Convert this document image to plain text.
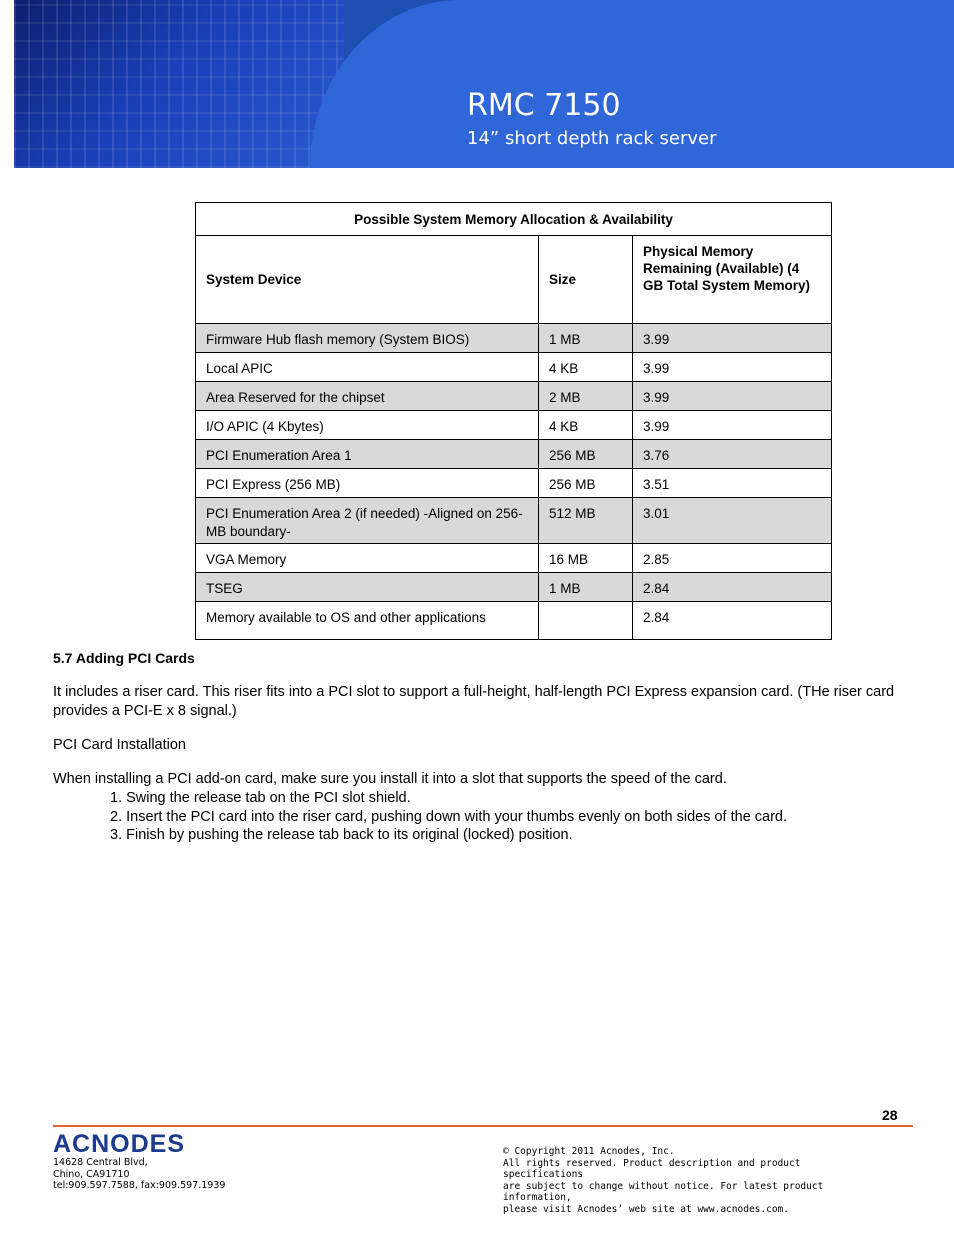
RMC 7150
14” short depth rack server
Possible System Memory Allocation & Availability		
System Device	Size	Physical Memory Remaining (Available) (4 GB Total System Memory)
Firmware Hub flash memory (System BIOS)	1 MB	3.99
Local APIC	4 KB	3.99
Area Reserved for the chipset	2 MB	3.99
I/O APIC (4 Kbytes)	4 KB	3.99
PCI Enumeration Area 1	256 MB	3.76
PCI Express (256 MB)	256 MB	3.51
PCI Enumeration Area 2 (if needed) -Aligned on 256-MB boundary-	512 MB	3.01
VGA Memory	16 MB	2.85
TSEG	1 MB	2.84
Memory available to OS and other applications		2.84
5.7 Adding PCI Cards

It includes a riser card. This riser fits into a PCI slot to support a full-height, half-length PCI Express expansion card. (THe riser card provides a PCI-E x 8 signal.)

PCI Card Installation

When installing a PCI add-on card, make sure you install it into a slot that supports the speed of the card.

1. Swing the release tab on the PCI slot shield.
2. Insert the PCI card into the riser card, pushing down with your thumbs evenly on both sides of the card.
3. Finish by pushing the release tab back to its original (locked) position.
28
ACNODES
14628 Central Blvd,
Chino, CA91710
tel:909.597.7588, fax:909.597.1939
© Copyright 2011 Acnodes, Inc.
All rights reserved. Product description and product specifications
are subject to change without notice. For latest product information,
please visit Acnodes’ web site at www.acnodes.com.
